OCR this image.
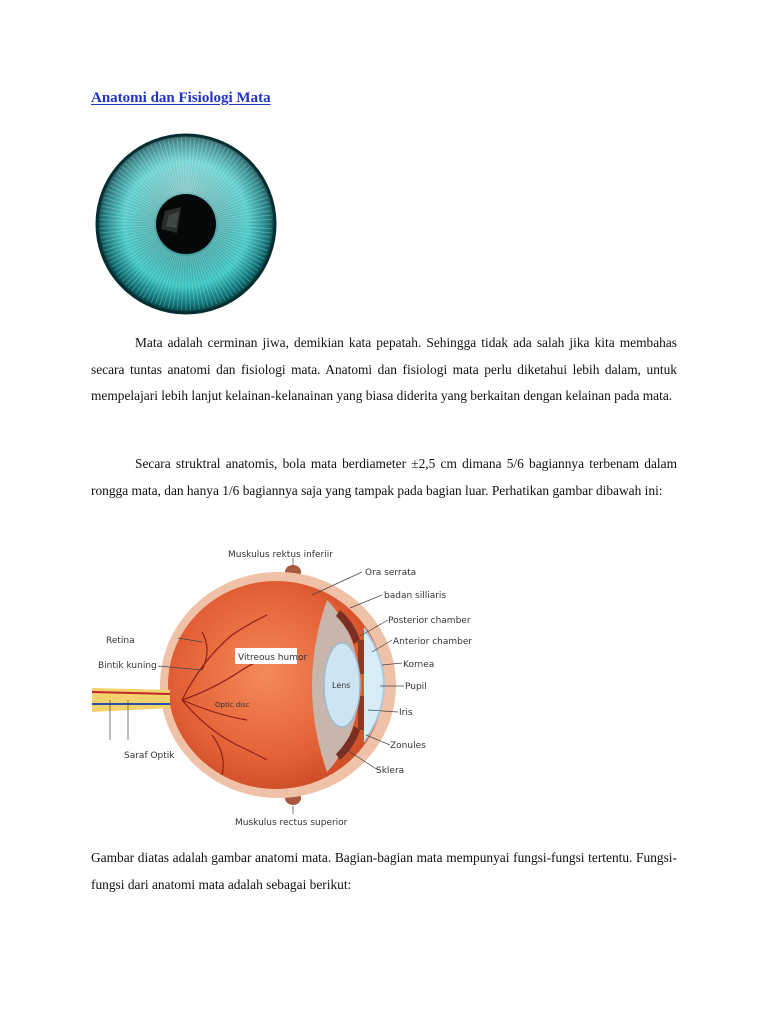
Anatomi dan Fisiologi Mata

Mata adalah cerminan jiwa, demikian kata pepatah. Sehingga tidak ada salah jika kita membahas secara tuntas anatomi dan fisiologi mata. Anatomi dan fisiologi mata perlu diketahui lebih dalam, untuk mempelajari lebih lanjut kelainan-kelanainan yang biasa diderita yang berkaitan dengan kelainan pada mata.

Secara struktral anatomis, bola mata berdiameter ±2,5 cm dimana 5/6 bagiannya terbenam dalam rongga mata, dan hanya 1/6 bagiannya saja yang tampak pada bagian luar. Perhatikan gambar dibawah ini:

Vitreous humor
Lens
Optic disc
Muskulus rektus inferiir
Ora serrata
badan silliaris
Posterior chamber
Anterior chamber
Kornea
Pupil
Iris
Zonules
Sklera
Muskulus rectus superior
Retina
Bintik kuning
Saraf Optik

Gambar diatas adalah gambar anatomi mata. Bagian-bagian mata mempunyai fungsi-fungsi tertentu. Fungsi-fungsi dari anatomi mata adalah sebagai berikut:
